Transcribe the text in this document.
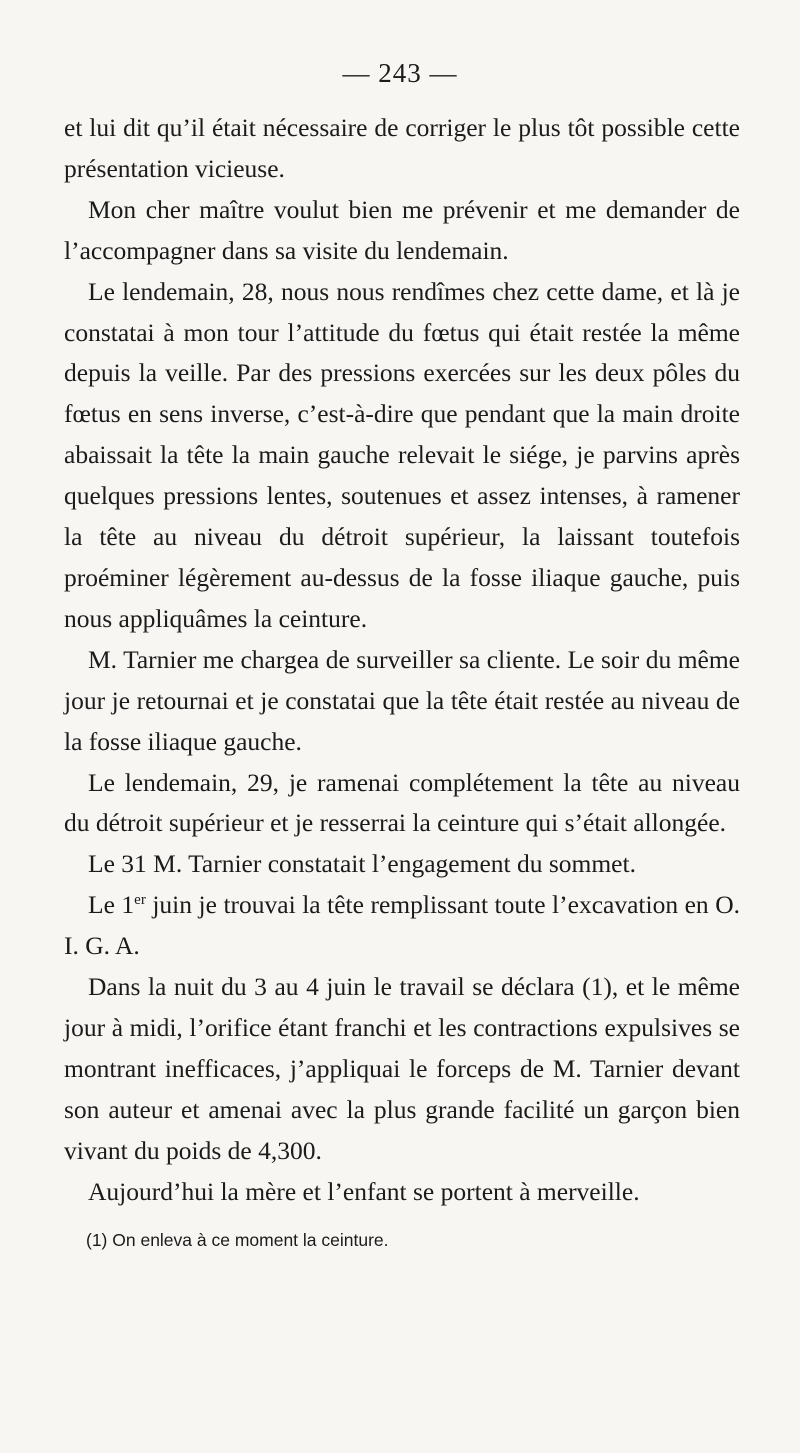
— 243 —

et lui dit qu’il était nécessaire de corriger le plus tôt possible cette présentation vicieuse.

Mon cher maître voulut bien me prévenir et me demander de l’accompagner dans sa visite du lendemain.

Le lendemain, 28, nous nous rendîmes chez cette dame, et là je constatai à mon tour l’attitude du fœtus qui était restée la même depuis la veille. Par des pressions exercées sur les deux pôles du fœtus en sens inverse, c’est-à-dire que pendant que la main droite abaissait la tête la main gauche relevait le siége, je parvins après quelques pressions lentes, soutenues et assez intenses, à ramener la tête au niveau du détroit supérieur, la laissant toutefois proéminer légèrement au-dessus de la fosse iliaque gauche, puis nous appliquâmes la ceinture.

M. Tarnier me chargea de surveiller sa cliente. Le soir du même jour je retournai et je constatai que la tête était restée au niveau de la fosse iliaque gauche.

Le lendemain, 29, je ramenai complétement la tête au niveau du détroit supérieur et je resserrai la ceinture qui s’était allongée.

Le 31 M. Tarnier constatait l’engagement du sommet.

Le 1er juin je trouvai la tête remplissant toute l’excavation en O. I. G. A.

Dans la nuit du 3 au 4 juin le travail se déclara (1), et le même jour à midi, l’orifice étant franchi et les contractions expulsives se montrant inefficaces, j’appliquai le forceps de M. Tarnier devant son auteur et amenai avec la plus grande facilité un garçon bien vivant du poids de 4,300.

Aujourd’hui la mère et l’enfant se portent à merveille.

(1) On enleva à ce moment la ceinture.
